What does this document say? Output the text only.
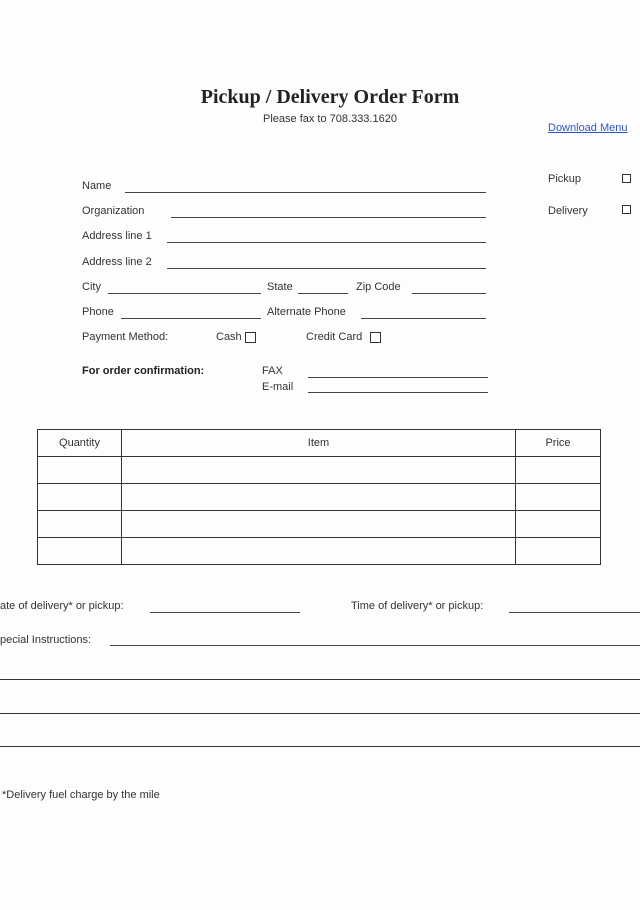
Pickup / Delivery Order Form
Please fax to 708.333.1620
Download Menu
Pickup
Delivery
Name
Organization
Address line 1
Address line 2
City	State	Zip Code
Phone	Alternate Phone
Payment Method:	Cash	Credit Card
For order confirmation:	FAX
E-mail
Quantity	Item	Price

ate of delivery* or pickup:	Time of delivery* or pickup:
pecial Instructions:
*Delivery fuel charge by the mile
